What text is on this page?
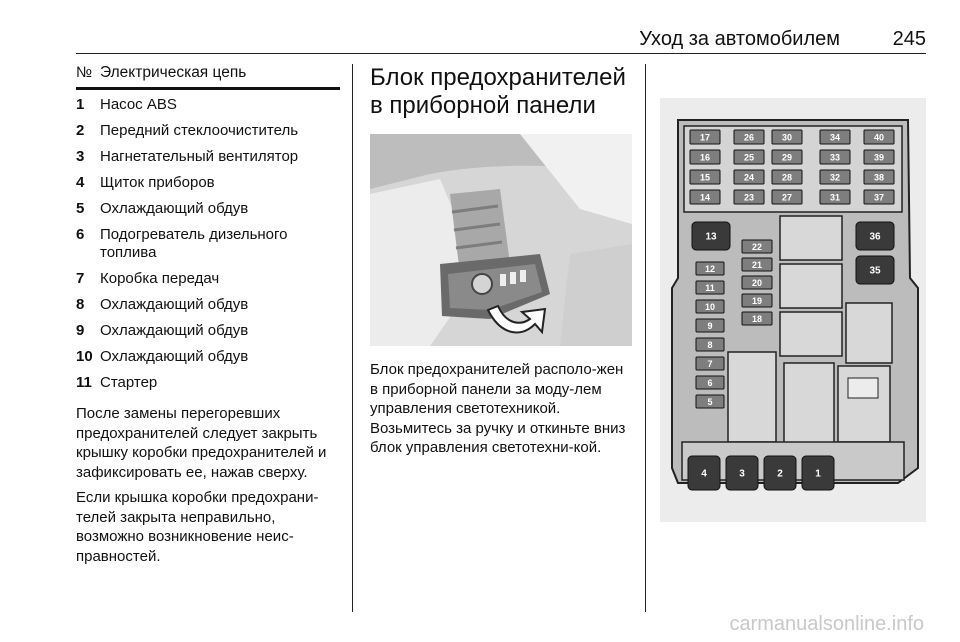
Уход за автомобилем	245
№ Электрическая цепь
1	Насос ABS
2	Передний стеклоочиститель
3	Нагнетательный вентилятор
4	Щиток приборов
5	Охлаждающий обдув
6	Подогреватель дизельного топлива
7	Коробка передач
8	Охлаждающий обдув
9	Охлаждающий обдув
10 Охлаждающий обдув
11 Стартер

После замены перегоревших предохранителей следует закрыть крышку коробки предохранителей и зафиксировать ее, нажав сверху.

Если крышка коробки предохрани-телей закрыта неправильно, возможно возникновение неис-правностей.

Блок предохранителей в приборной панели

Блок предохранителей располо-жен в приборной панели за моду-лем управления светотехникой. Возьмитесь за ручку и откиньте вниз блок управления светотехни-кой.

17
16
15
14
26
25
24
23
30
29
28
27
34
33
32
31
40
39
38
37
13	36
35
22
21
20
19
18
12
11
10
9
8
7
6
5
4	3	2	1
carmanualsonline.info
